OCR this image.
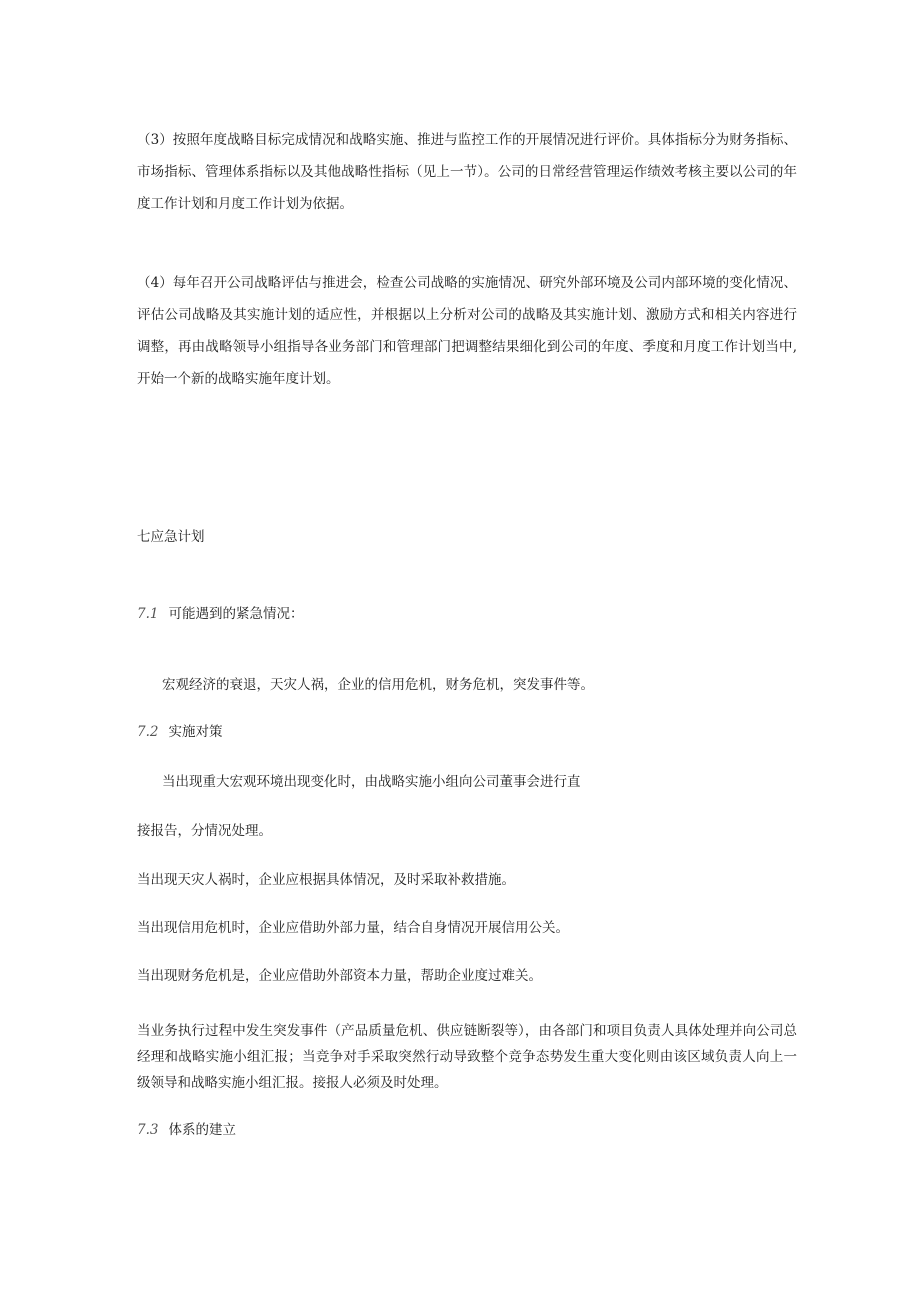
（3）按照年度战略目标完成情况和战略实施、推进与监控工作的开展情况进行评价。具体指标分为财务指标、市场指标、管理体系指标以及其他战略性指标（见上一节）。公司的日常经营管理运作绩效考核主要以公司的年度工作计划和月度工作计划为依据。

（4）每年召开公司战略评估与推进会，检查公司战略的实施情况、研究外部环境及公司内部环境的变化情况、评估公司战略及其实施计划的适应性，并根据以上分析对公司的战略及其实施计划、激励方式和相关内容进行调整，再由战略领导小组指导各业务部门和管理部门把调整结果细化到公司的年度、季度和月度工作计划当中,开始一个新的战略实施年度计划。

七应急计划

7.1 可能遇到的紧急情况：

宏观经济的衰退，天灾人祸，企业的信用危机，财务危机，突发事件等。

7.2 实施对策

当出现重大宏观环境出现变化时，由战略实施小组向公司董事会进行直

接报告，分情况处理。

当出现天灾人祸时，企业应根据具体情况，及时采取补救措施。

当出现信用危机时，企业应借助外部力量，结合自身情况开展信用公关。

当出现财务危机是，企业应借助外部资本力量，帮助企业度过难关。

当业务执行过程中发生突发事件（产品质量危机、供应链断裂等），由各部门和项目负责人具体处理并向公司总经理和战略实施小组汇报；当竞争对手采取突然行动导致整个竞争态势发生重大变化则由该区域负责人向上一级领导和战略实施小组汇报。接报人必须及时处理。

7.3 体系的建立
